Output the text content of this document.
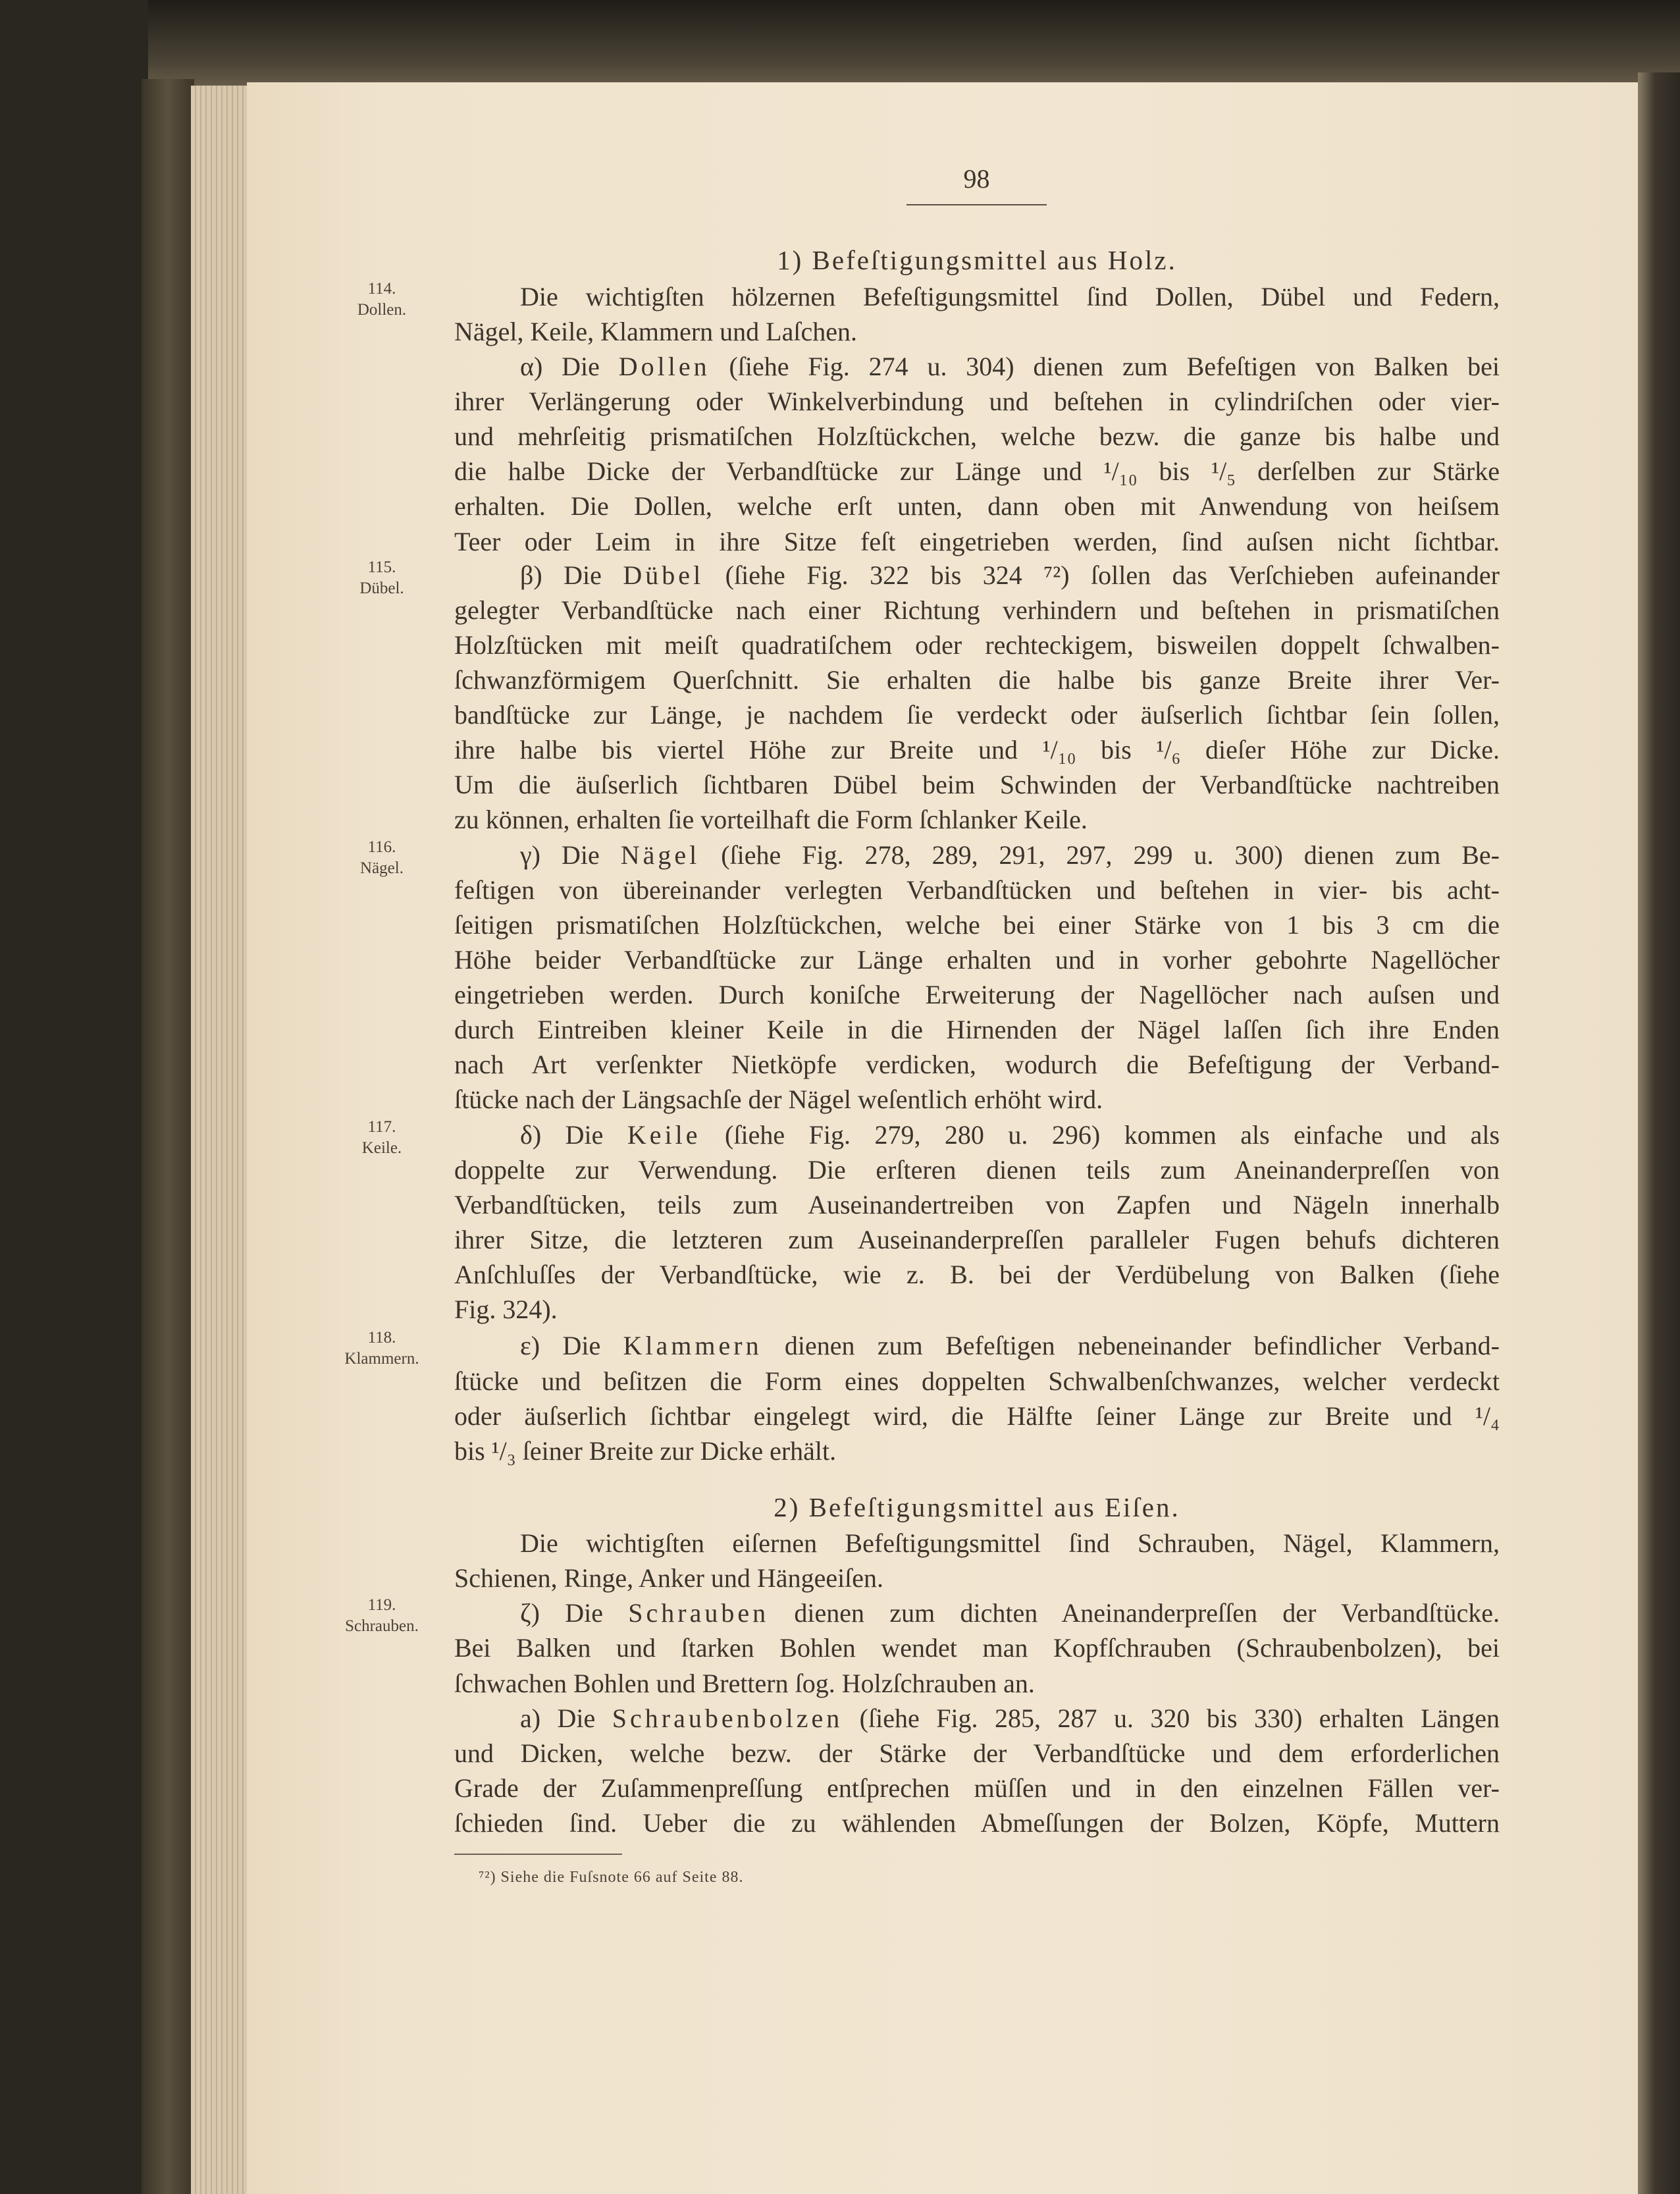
98
1) Befeſtigungsmittel aus Holz.
Die wichtigſten hölzernen Befeſtigungsmittel ſind Dollen, Dübel und Federn,
Nägel, Keile, Klammern und Laſchen.
α) Die Dollen (ſiehe Fig. 274 u. 304) dienen zum Befeſtigen von Balken bei
ihrer Verlängerung oder Winkelverbindung und beſtehen in cylindriſchen oder vier-
und mehrſeitig prismatiſchen Holzſtückchen, welche bezw. die ganze bis halbe und
die halbe Dicke der Verbandſtücke zur Länge und ¹/₁₀ bis ¹/₅ derſelben zur Stärke
erhalten. Die Dollen, welche erſt unten, dann oben mit Anwendung von heiſsem
Teer oder Leim in ihre Sitze feſt eingetrieben werden, ſind auſsen nicht ſichtbar.
β) Die Dübel (ſiehe Fig. 322 bis 324 ⁷²) ſollen das Verſchieben aufeinander
gelegter Verbandſtücke nach einer Richtung verhindern und beſtehen in prismatiſchen
Holzſtücken mit meiſt quadratiſchem oder rechteckigem, bisweilen doppelt ſchwalben-
ſchwanzförmigem Querſchnitt. Sie erhalten die halbe bis ganze Breite ihrer Ver-
bandſtücke zur Länge, je nachdem ſie verdeckt oder äuſserlich ſichtbar ſein ſollen,
ihre halbe bis viertel Höhe zur Breite und ¹/₁₀ bis ¹/₆ dieſer Höhe zur Dicke.
Um die äuſserlich ſichtbaren Dübel beim Schwinden der Verbandſtücke nachtreiben
zu können, erhalten ſie vorteilhaft die Form ſchlanker Keile.
γ) Die Nägel (ſiehe Fig. 278, 289, 291, 297, 299 u. 300) dienen zum Be-
feſtigen von übereinander verlegten Verbandſtücken und beſtehen in vier- bis acht-
ſeitigen prismatiſchen Holzſtückchen, welche bei einer Stärke von 1 bis 3 cm die
Höhe beider Verbandſtücke zur Länge erhalten und in vorher gebohrte Nagellöcher
eingetrieben werden. Durch koniſche Erweiterung der Nagellöcher nach auſsen und
durch Eintreiben kleiner Keile in die Hirnenden der Nägel laſſen ſich ihre Enden
nach Art verſenkter Nietköpfe verdicken, wodurch die Befeſtigung der Verband-
ſtücke nach der Längsachſe der Nägel weſentlich erhöht wird.
δ) Die Keile (ſiehe Fig. 279, 280 u. 296) kommen als einfache und als
doppelte zur Verwendung. Die erſteren dienen teils zum Aneinanderpreſſen von
Verbandſtücken, teils zum Auseinandertreiben von Zapfen und Nägeln innerhalb
ihrer Sitze, die letzteren zum Auseinanderpreſſen paralleler Fugen behufs dichteren
Anſchluſſes der Verbandſtücke, wie z. B. bei der Verdübelung von Balken (ſiehe
Fig. 324).
ε) Die Klammern dienen zum Befeſtigen nebeneinander befindlicher Verband-
ſtücke und beſitzen die Form eines doppelten Schwalbenſchwanzes, welcher verdeckt
oder äuſserlich ſichtbar eingelegt wird, die Hälfte ſeiner Länge zur Breite und ¹/₄
bis ¹/₃ ſeiner Breite zur Dicke erhält.
2) Befeſtigungsmittel aus Eiſen.
Die wichtigſten eiſernen Befeſtigungsmittel ſind Schrauben, Nägel, Klammern,
Schienen, Ringe, Anker und Hängeeiſen.
ζ) Die Schrauben dienen zum dichten Aneinanderpreſſen der Verbandſtücke.
Bei Balken und ſtarken Bohlen wendet man Kopfſchrauben (Schraubenbolzen), bei
ſchwachen Bohlen und Brettern ſog. Holzſchrauben an.
a) Die Schraubenbolzen (ſiehe Fig. 285, 287 u. 320 bis 330) erhalten Längen
und Dicken, welche bezw. der Stärke der Verbandſtücke und dem erforderlichen
Grade der Zuſammenpreſſung entſprechen müſſen und in den einzelnen Fällen ver-
ſchieden ſind. Ueber die zu wählenden Abmeſſungen der Bolzen, Köpfe, Muttern
114.
Dollen.
115.
Dübel.
116.
Nägel.
117.
Keile.
118.
Klammern.
119.
Schrauben.
⁷²) Siehe die Fuſsnote 66 auf Seite 88.
